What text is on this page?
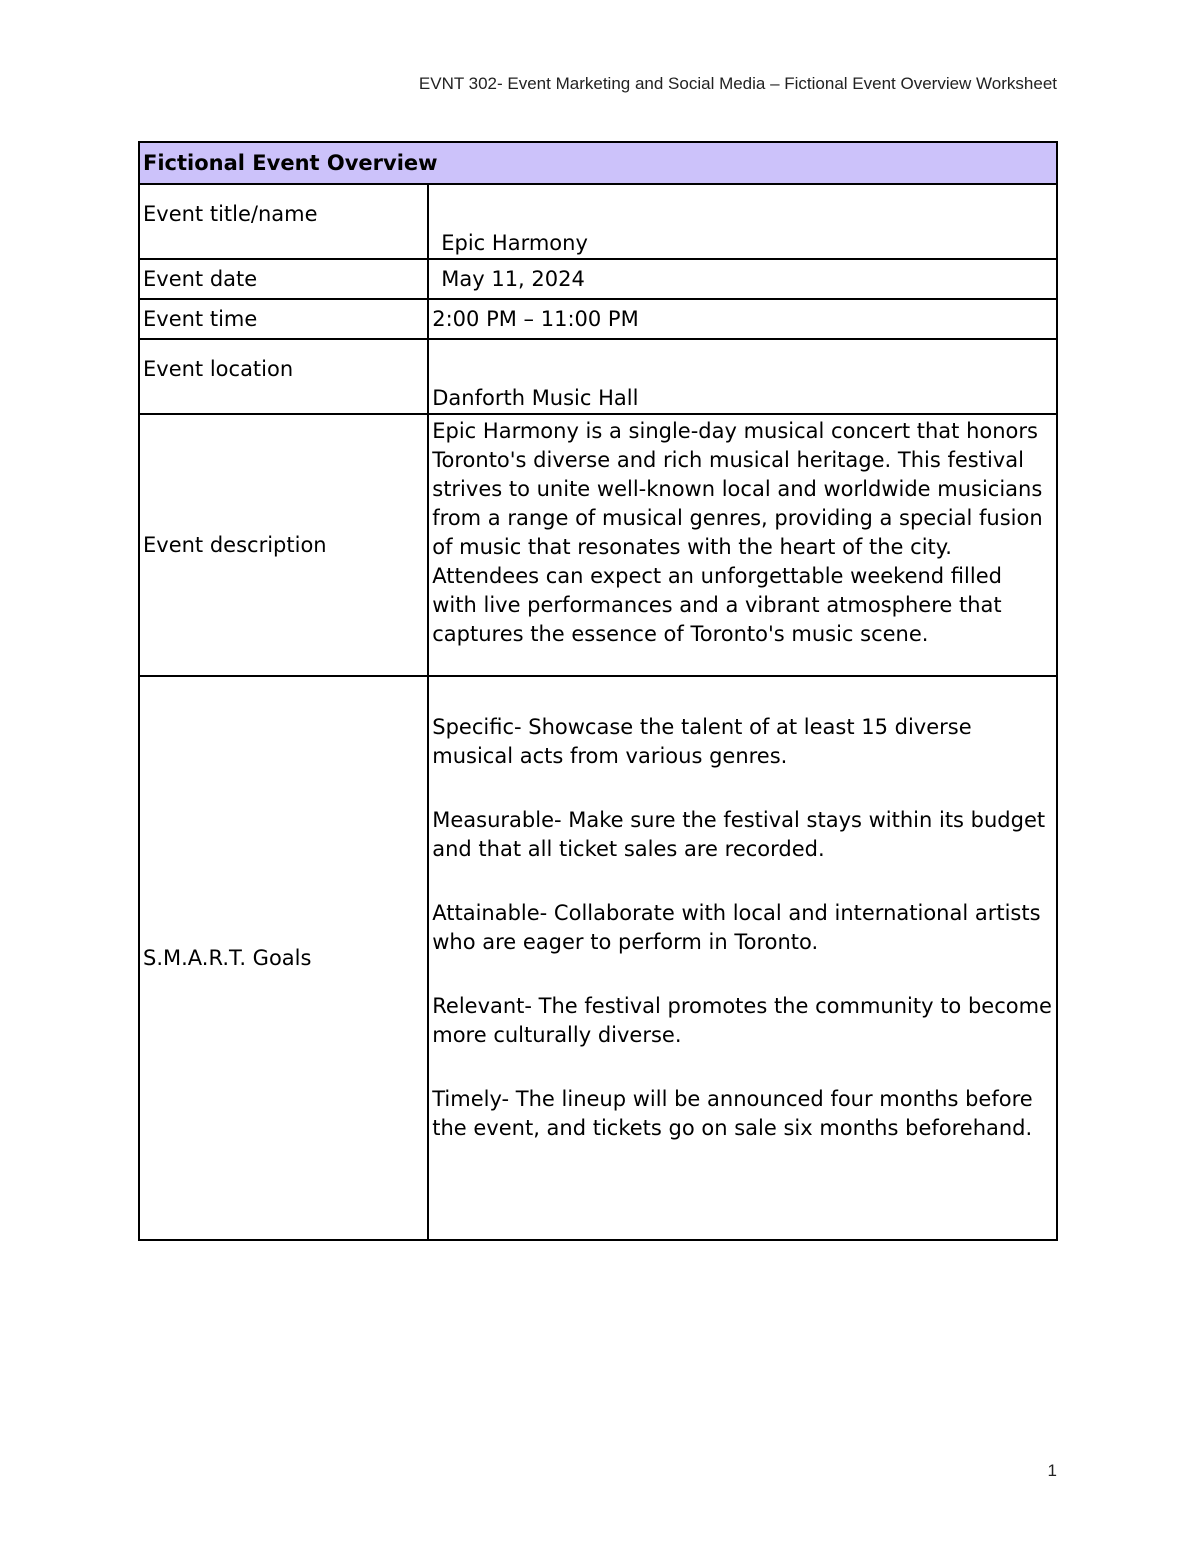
EVNT 302- Event Marketing and Social Media – Fictional Event Overview Worksheet
Fictional Event Overview	
Event title/name	Epic Harmony
Event date	May 11, 2024
Event time	2:00 PM – 11:00 PM
Event location	Danforth Music Hall
Event description	Epic Harmony is a single-day musical concert that honors Toronto's diverse and rich musical heritage. This festival strives to unite well-known local and worldwide musicians from a range of musical genres, providing a special fusion of music that resonates with the heart of the city. Attendees can expect an unforgettable weekend filled with live performances and a vibrant atmosphere that captures the essence of Toronto's music scene.
S.M.A.R.T. Goals	Specific- Showcase the talent of at least 15 diverse musical acts from various genres.
Measurable- Make sure the festival stays within its budget and that all ticket sales are recorded.
Attainable- Collaborate with local and international artists who are eager to perform in Toronto.
Relevant- The festival promotes the community to become more culturally diverse.
Timely- The lineup will be announced four months before the event, and tickets go on sale six months beforehand.
1
